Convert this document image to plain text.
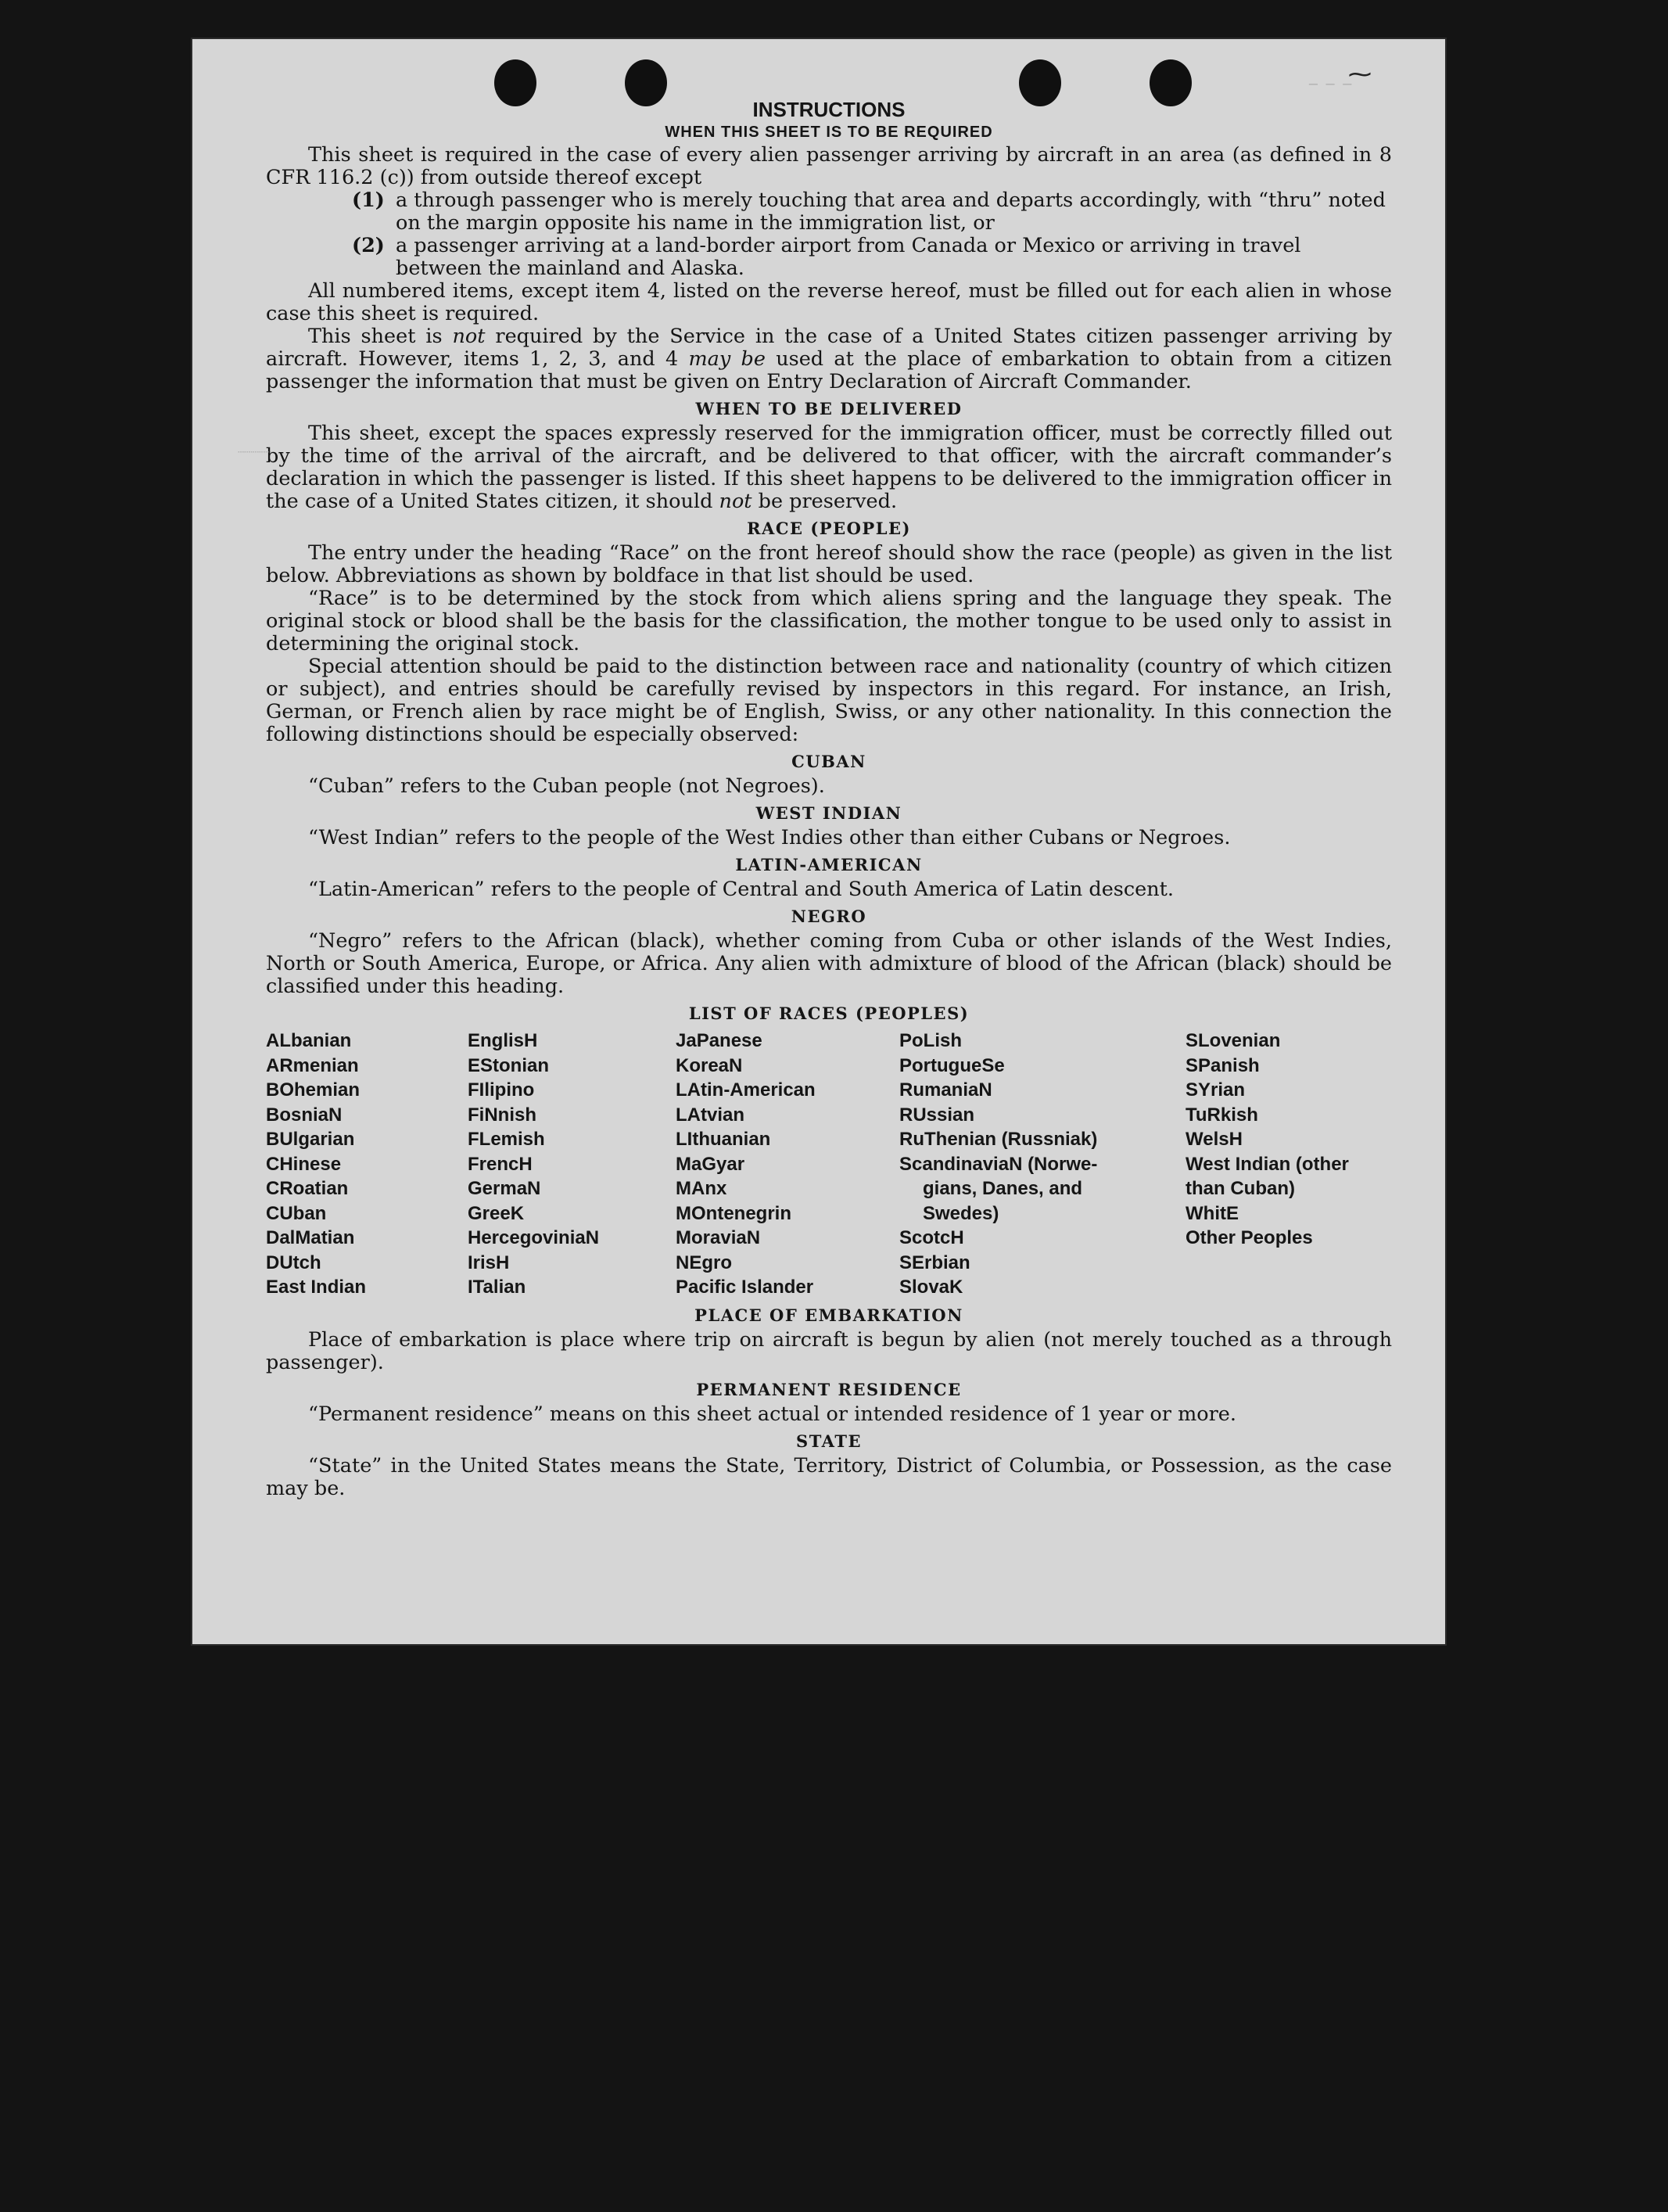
INSTRUCTIONS
WHEN THIS SHEET IS TO BE REQUIRED

This sheet is required in the case of every alien passenger arriving by aircraft in an area (as defined in 8 CFR 116.2 (c)) from outside thereof except

(1) a through passenger who is merely touching that area and departs accordingly, with “thru” noted on the margin opposite his name in the immigration list, or
(2) a passenger arriving at a land-border airport from Canada or Mexico or arriving in travel between the mainland and Alaska.

All numbered items, except item 4, listed on the reverse hereof, must be filled out for each alien in whose case this sheet is required.

This sheet is not required by the Service in the case of a United States citizen passenger arriving by aircraft. However, items 1, 2, 3, and 4 may be used at the place of embarkation to obtain from a citizen passenger the information that must be given on Entry Declaration of Aircraft Commander.

WHEN TO BE DELIVERED

This sheet, except the spaces expressly reserved for the immigration officer, must be correctly filled out by the time of the arrival of the aircraft, and be delivered to that officer, with the aircraft commander’s declaration in which the passenger is listed. If this sheet happens to be delivered to the immigration officer in the case of a United States citizen, it should not be preserved.

RACE (PEOPLE)

The entry under the heading “Race” on the front hereof should show the race (people) as given in the list below. Abbreviations as shown by boldface in that list should be used.

“Race” is to be determined by the stock from which aliens spring and the language they speak. The original stock or blood shall be the basis for the classification, the mother tongue to be used only to assist in determining the original stock.

Special attention should be paid to the distinction between race and nationality (country of which citizen or subject), and entries should be carefully revised by inspectors in this regard. For instance, an Irish, German, or French alien by race might be of English, Swiss, or any other nationality. In this connection the following distinctions should be especially observed:

CUBAN

“Cuban” refers to the Cuban people (not Negroes).

WEST INDIAN

“West Indian” refers to the people of the West Indies other than either Cubans or Negroes.

LATIN-AMERICAN

“Latin-American” refers to the people of Central and South America of Latin descent.

NEGRO

“Negro” refers to the African (black), whether coming from Cuba or other islands of the West Indies, North or South America, Europe, or Africa. Any alien with admixture of blood of the African (black) should be classified under this heading.

LIST OF RACES (PEOPLES)
ALbanian
ARmenian
BOhemian
BosniaN
BUlgarian
CHinese
CRoatian
CUban
DalMatian
DUtch
East Indian
EnglisH
EStonian
FIlipino
FiNnish
FLemish
FrencH
GermaN
GreeK
HercegoviniaN
IrisH
ITalian
JaPanese
KoreaN
LAtin-American
LAtvian
LIthuanian
MaGyar
MAnx
MOntenegrin
MoraviaN
NEgro
Pacific Islander
PoLish
PortugueSe
RumaniaN
RUssian
RuThenian (Russniak)
ScandinaviaN (Norwe-
gians, Danes, and
Swedes)
ScotcH
SErbian
SlovaK
SLovenian
SPanish
SYrian
TuRkish
WelsH
West Indian (other
than Cuban)
WhitE
Other Peoples
PLACE OF EMBARKATION

Place of embarkation is place where trip on aircraft is begun by alien (not merely touched as a through passenger).

PERMANENT RESIDENCE

“Permanent residence” means on this sheet actual or intended residence of 1 year or more.

STATE

“State” in the United States means the State, Territory, District of Columbia, or Possession, as the case may be.

─ ─ ─
┈┈┈┈
⁓
